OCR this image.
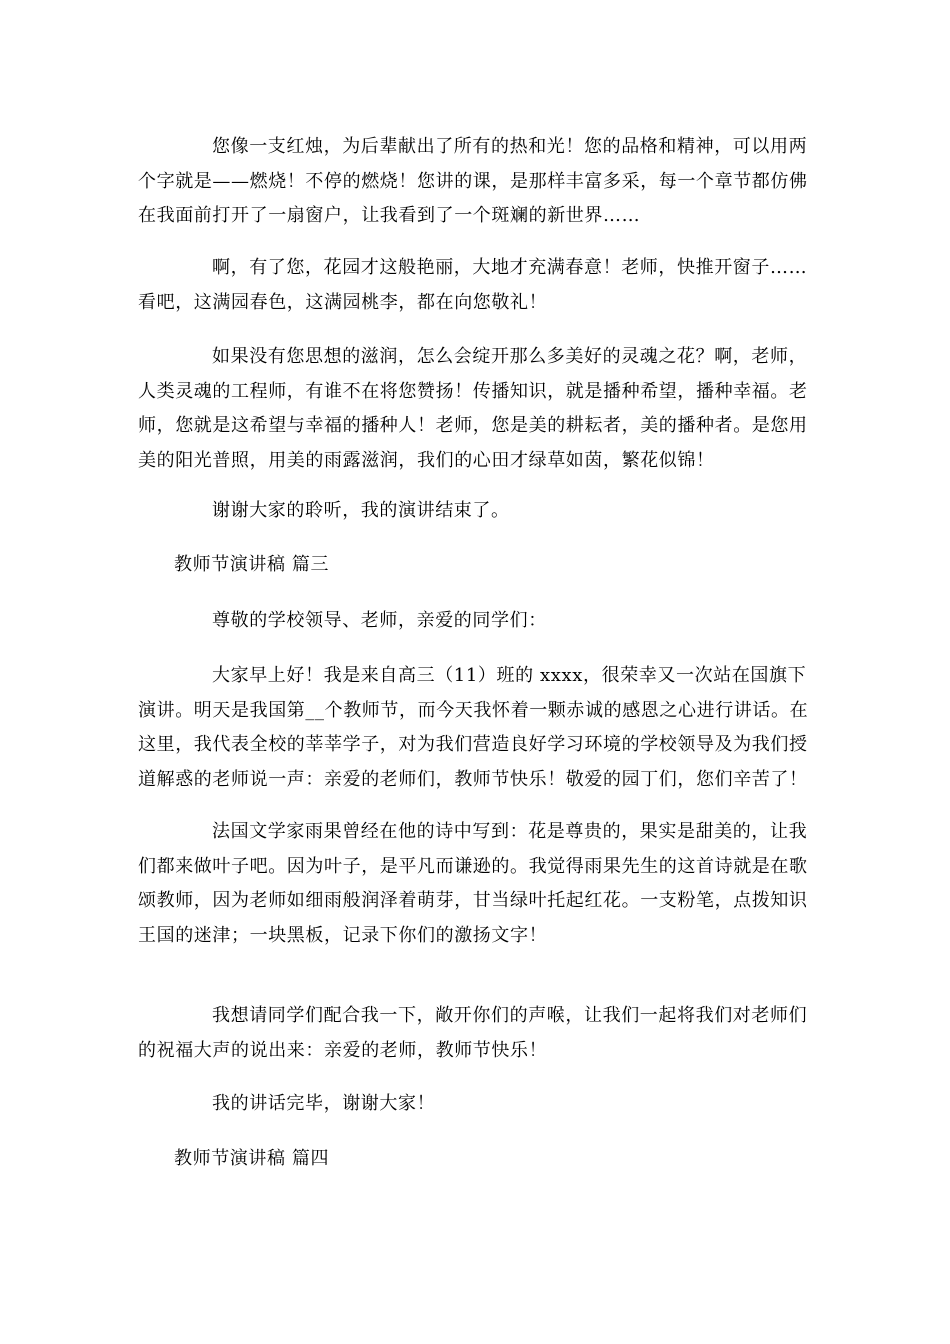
您像一支红烛，为后辈献出了所有的热和光！您的品格和精神，可以用两个字就是——燃烧！不停的燃烧！您讲的课，是那样丰富多采，每一个章节都仿佛在我面前打开了一扇窗户，让我看到了一个斑斓的新世界……

啊，有了您，花园才这般艳丽，大地才充满春意！老师，快推开窗子……看吧，这满园春色，这满园桃李，都在向您敬礼！

如果没有您思想的滋润，怎么会绽开那么多美好的灵魂之花？啊，老师，人类灵魂的工程师，有谁不在将您赞扬！传播知识，就是播种希望，播种幸福。老师，您就是这希望与幸福的播种人！老师，您是美的耕耘者，美的播种者。是您用美的阳光普照，用美的雨露滋润，我们的心田才绿草如茵，繁花似锦！

谢谢大家的聆听，我的演讲结束了。

教师节演讲稿 篇三

尊敬的学校领导、老师，亲爱的同学们：

大家早上好！我是来自高三（11）班的 xxxx，很荣幸又一次站在国旗下演讲。明天是我国第__个教师节，而今天我怀着一颗赤诚的感恩之心进行讲话。在这里，我代表全校的莘莘学子，对为我们营造良好学习环境的学校领导及为我们授道解惑的老师说一声：亲爱的老师们，教师节快乐！敬爱的园丁们，您们辛苦了！

法国文学家雨果曾经在他的诗中写到：花是尊贵的，果实是甜美的，让我们都来做叶子吧。因为叶子，是平凡而谦逊的。我觉得雨果先生的这首诗就是在歌颂教师，因为老师如细雨般润泽着萌芽，甘当绿叶托起红花。一支粉笔，点拨知识王国的迷津；一块黑板，记录下你们的激扬文字！

我想请同学们配合我一下，敞开你们的声喉，让我们一起将我们对老师们的祝福大声的说出来：亲爱的老师，教师节快乐！

我的讲话完毕，谢谢大家！

教师节演讲稿 篇四
